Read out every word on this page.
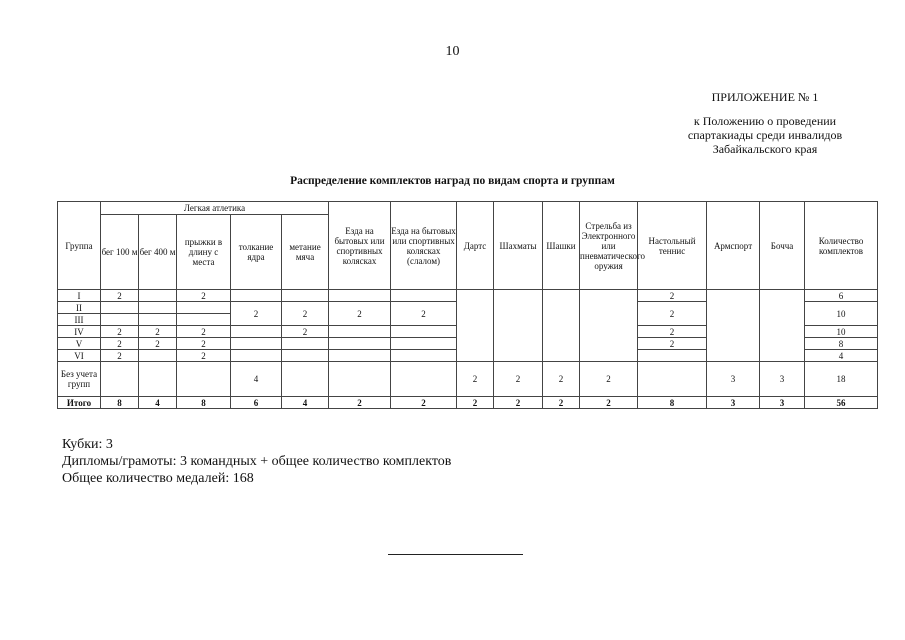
10
ПРИЛОЖЕНИЕ № 1
к Положению о проведении
спартакиады среди инвалидов
Забайкальского края
Распределение комплектов наград по видам спорта и группам
Группа	Легкая атлетика					Езда на бытовых или спортивных колясках	Езда на бытовых или спортивных колясках (слалом)	Дартс	Шахматы	Шашки	Стрельба из Электронного или пневматического оружия	Настольный теннис	Армспорт	Бочча	Количество комплектов
	бег 100 м	бег 400 м	прыжки в длину с места	толкание ядра	метание мяча										
I	2		2									2			6
II				2	2	2	2					2			10
III															
IV	2	2	2		2							2			10
V	2	2	2									2			8
VI	2		2												4
Без учета групп				4				2	2	2	2		3	3	18
Итого	8	4	8	6	4	2	2	2	2	2	2	8	3	3	56
Кубки: 3
Дипломы/грамоты: 3 командных + общее количество комплектов
Общее количество медалей: 168
